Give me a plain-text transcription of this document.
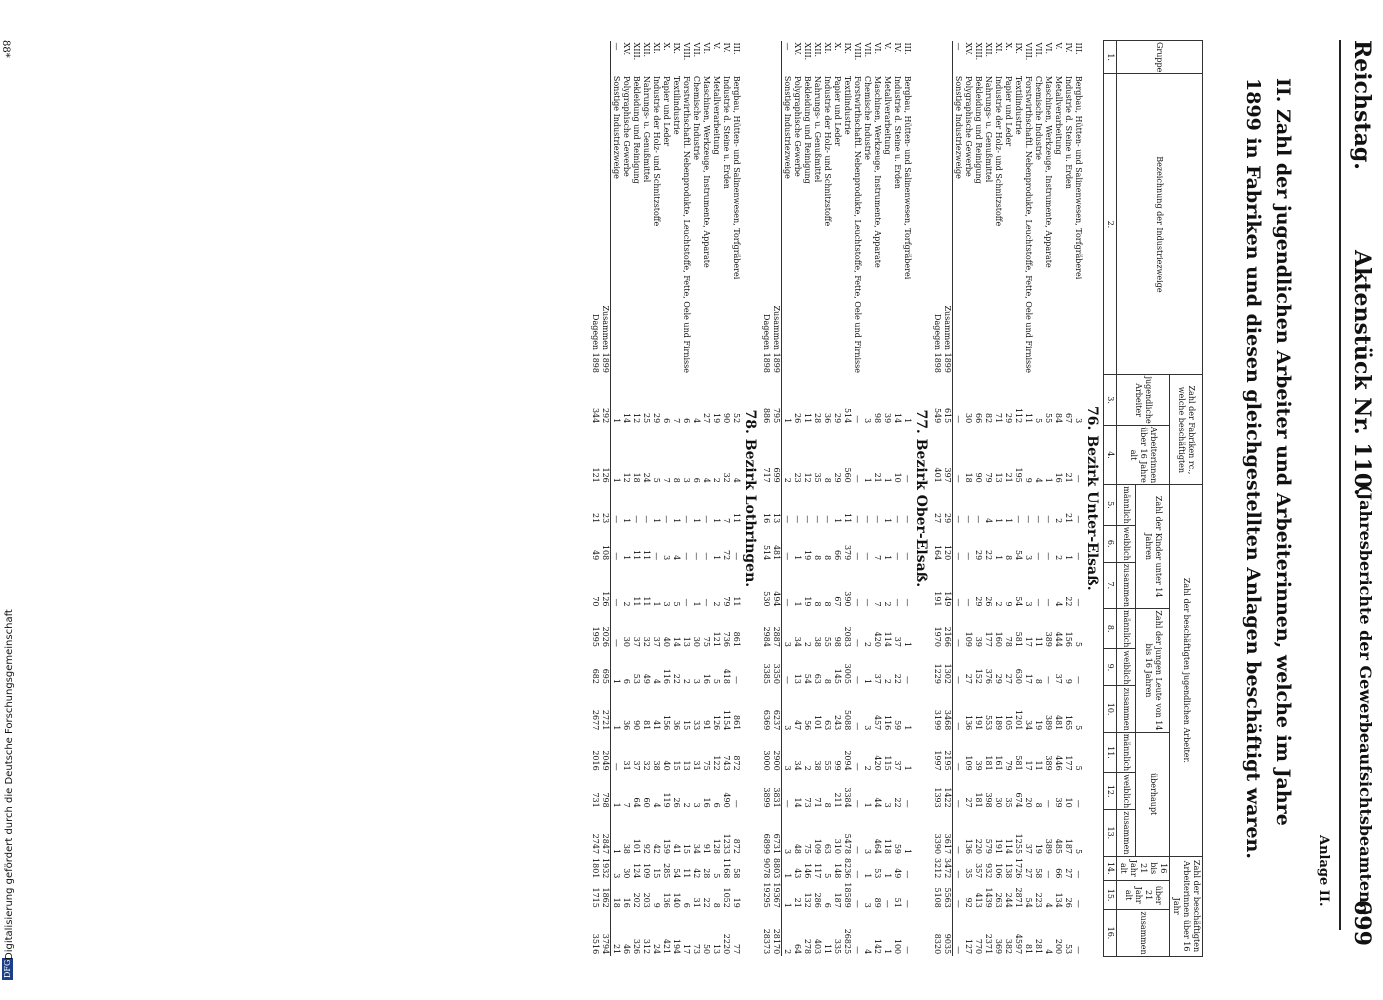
Reichstag.
Aktenstück Nr. 110.
(Jahresberichte der Gewerbeaufsichtsbeamten.)
699
Anlage II.
II. Zahl der jugendlichen Arbeiter und Arbeiterinnen, welche im Jahre 1899 in Fabriken und diesen gleichgestellten Anlagen beschäftigt waren.
Gruppe	Bezeichnung der Industriezweige	Zahl der Fabriken rc., welche beschäftigten		Zahl der beschäftigten jugendlichen Arbeiter.									Zahl der beschäftigten Arbeiterinnen über 16 Jahr		
		jugendliche Arbeiter	Arbeiterinnen über 16 Jahre alt	Zahl der Kinder unter 14 Jahren			Zahl der jungen Leute von 14 bis 16 Jahren			überhaupt			16 bis 21 Jahr alt	über 21 Jahr alt	zusammen
				männlich	weiblich	zusammen	männlich	weiblich	zusammen	männlich	weiblich	zusammen			
1.	2.	3.	4.	5.	6.	7.	8.	9.	10.	11.	12.	13.	14.	15.	16.
76. Bezirk Unter-Elsaß.															
III.	Bergbau, Hütten- und Salinenwesen, Torfgräberei	3	—	—	—	—	5	—	5	5	—	5	—	—	—
IV.	Industrie d. Steine u. Erden	67	21	21	1	22	156	9	165	177	10	187	27	26	53
V.	Metallverarbeitung	84	16	2	2	4	444	37	481	446	39	485	66	134	200
VI.	Maschinen, Werkzeuge, Instrumente, Apparate	55	1	—	—	—	389	—	389	389	—	389	—	4	4
VII.	Chemische Industrie	5	4	—	—	—	11	8	19	11	8	19	58	223	281
VIII.	Forstwirthschaftl. Nebenprodukte, Leuchtstoffe, Fette, Oele und Firnisse	11	9	—	3	3	17	17	34	17	20	37	27	54	81
IX.	Textilindustrie	112	195	—	54	54	581	630	1201	581	674	1255	1726	2871	4597
X.	Papier und Leder	29	21	1	8	9	78	27	105	79	35	114	138	244	382
XI.	Industrie der Holz- und Schnitzstoffe	71	13	1	1	2	160	29	189	161	30	191	106	263	369
XII.	Nahrungs- u. Genußmittel	82	79	4	22	26	177	376	553	181	398	579	932	1439	2371
XIII.	Bekleidung und Reinigung	66	90	—	29	29	39	152	191	39	181	220	357	413	770
XV.	Polygraphische Gewerbe	30	18	—	—	—	109	27	136	109	27	136	35	92	127
—	Sonstige Industriezweige	—	—	—	—	—	—	—	—	—	—	—	—	—	—
	Zusammen 1899	615	397	29	120	149	2166	1302	3468	2195	1422	3617	3472	5563	9035
	Dagegen 1898	549	401	27	164	191	1970	1229	3199	1997	1393	3390	3212	5108	8320
77. Bezirk Ober-Elsaß.															
III.	Bergbau, Hütten- und Salinenwesen, Torfgräberei	1	—	—	—	—	1	—	1	1	—	1	—	—	—
IV.	Industrie d. Steine u. Erden	14	10	—	—	—	37	22	59	37	22	59	49	51	100
V.	Metallverarbeitung	39	1	1	1	2	114	2	116	115	3	118	1	—	1
VI.	Maschinen, Werkzeuge, Instrumente, Apparate	98	21	—	7	7	420	37	457	420	44	464	53	89	142
VII.	Chemische Industrie	3	1	—	—	—	2	1	3	2	1	3	1	3	4
VIII.	Forstwirthschaftl. Nebenprodukte, Leuchtstoffe, Fette, Oele und Firnisse	—	—	—	—	—	—	—	—	—	—	—	—	—	—
IX.	Textilindustrie	514	560	11	379	390	2083	3005	5088	2094	3384	5478	8236	18589	26825
X.	Papier und Leder	29	29	1	66	67	98	145	243	99	211	310	148	187	335
XI.	Industrie der Holz- und Schnitzstoffe	36	8	—	8	8	55	8	63	55	8	63	5	6	11
XII.	Nahrungs- u. Genußmittel	28	35	—	8	8	38	63	101	38	71	109	117	286	403
XIII.	Bekleidung und Reinigung	11	12	—	19	19	2	54	56	2	73	75	146	132	278
XV.	Polygraphische Gewerbe	26	23	—	1	1	34	13	47	34	14	48	43	21	64
—	Sonstige Industriezweige	1	2	—	—	—	3	—	3	3	—	3	1	1	2
	Zusammen 1899	795	699	13	481	494	2887	3350	6237	2900	3831	6731	8803	19367	28170
	Dagegen 1898	886	717	16	514	530	2984	3385	6369	3000	3899	6899	9078	19295	28373
78. Bezirk Lothringen.															
III.	Bergbau, Hütten- und Salinenwesen, Torfgräberei	52	4	11	—	11	861	—	861	872	—	872	58	19	77
IV.	Industrie d. Steine u. Erden	90	32	7	72	79	736	418	1154	743	490	1233	1168	1052	2220
V.	Metallverarbeitung	19	2	1	1	2	121	5	126	122	6	128	5	8	13
VI.	Maschinen, Werkzeuge, Instrumente, Apparate	27	4	—	—	—	75	16	91	75	16	91	28	22	50
VII.	Chemische Industrie	4	6	1	—	1	30	3	33	31	3	34	42	31	73
VIII.	Forstwirthschaftl. Nebenprodukte, Leuchtstoffe, Fette, Oele und Firnisse	6	3	—	—	—	13	2	15	13	2	15	11	6	17
IX.	Textilindustrie	7	8	1	4	5	14	22	36	15	26	41	54	140	194
X.	Papier und Leder	6	7	—	3	3	40	116	156	40	119	159	285	136	421
XI.	Industrie der Holz- und Schnitzstoffe	29	5	1	—	1	37	4	41	38	4	42	15	9	24
XII.	Nahrungs- u. Genußmittel	25	24	—	11	11	32	49	81	32	60	92	109	203	312
XIII.	Bekleidung und Reinigung	12	18	—	11	11	37	53	90	37	64	101	124	202	326
XV.	Polygraphische Gewerbe	14	12	1	1	2	30	6	36	31	7	38	30	16	46
—	Sonstige Industriezweige	1	1	—	—	—	—	1	1	—	1	1	3	18	21
	Zusammen 1899	292	126	23	108	126	2026	695	2721	2049	798	2847	1932	1862	3794
	Dagegen 1898	344	121	21	49	70	1995	682	2677	2016	731	2747	1801	1715	3516
88*
DFG
Digitalisierung gefördert durch die Deutsche Forschungsgemeinschaft
